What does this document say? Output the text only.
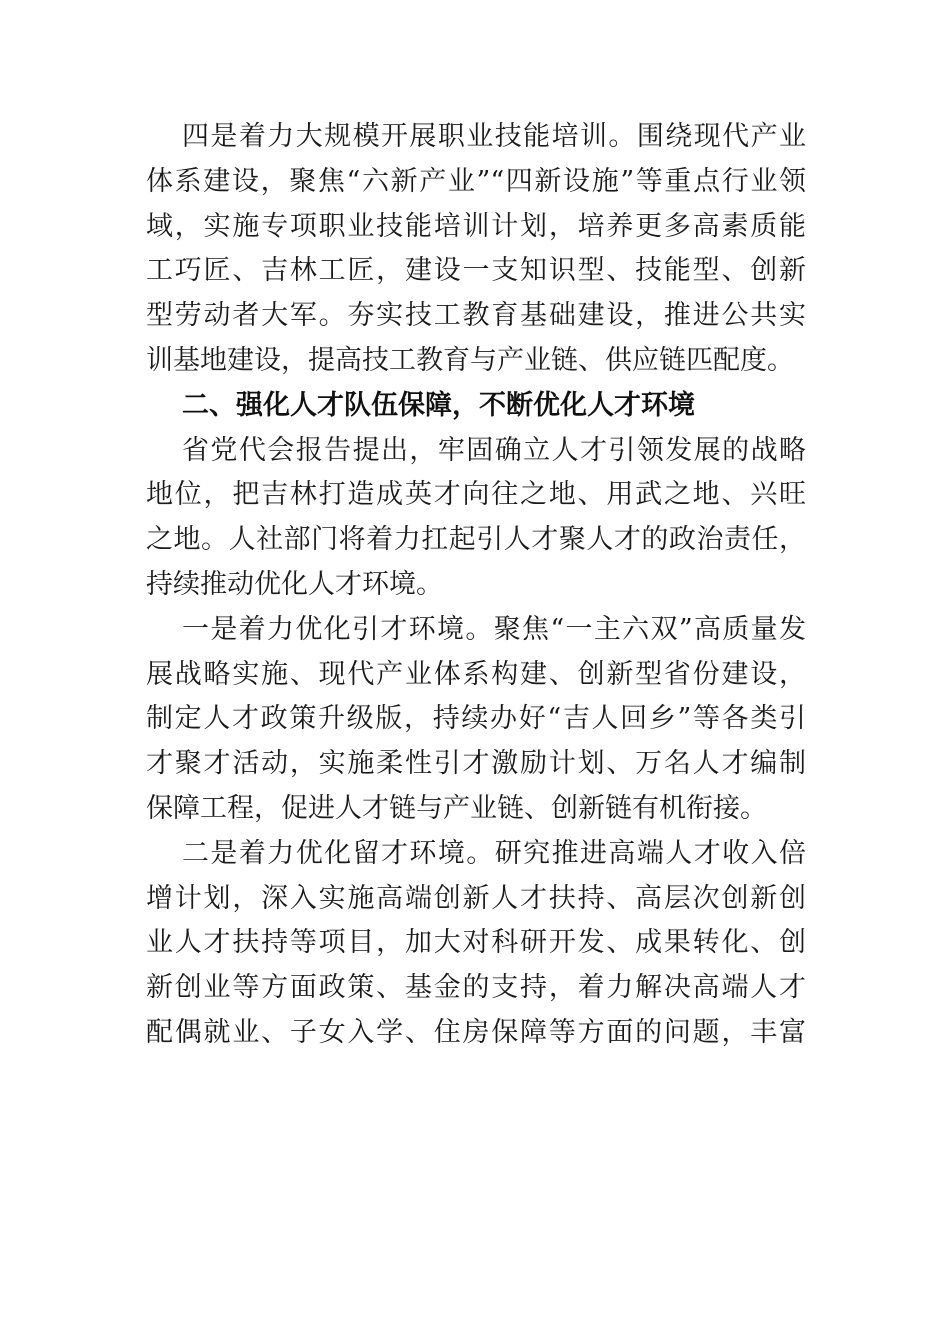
四是着力大规模开展职业技能培训。围绕现代产业
体系建设，聚焦“六新产业”“四新设施”等重点行业领
域，实施专项职业技能培训计划，培养更多高素质能
工巧匠、吉林工匠，建设一支知识型、技能型、创新
型劳动者大军。夯实技工教育基础建设，推进公共实
训基地建设，提高技工教育与产业链、供应链匹配度。
二、强化人才队伍保障，不断优化人才环境
省党代会报告提出，牢固确立人才引领发展的战略
地位，把吉林打造成英才向往之地、用武之地、兴旺
之地。人社部门将着力扛起引人才聚人才的政治责任，
持续推动优化人才环境。
一是着力优化引才环境。聚焦“一主六双”高质量发
展战略实施、现代产业体系构建、创新型省份建设，
制定人才政策升级版，持续办好“吉人回乡”等各类引
才聚才活动，实施柔性引才激励计划、万名人才编制
保障工程，促进人才链与产业链、创新链有机衔接。
二是着力优化留才环境。研究推进高端人才收入倍
增计划，深入实施高端创新人才扶持、高层次创新创
业人才扶持等项目，加大对科研开发、成果转化、创
新创业等方面政策、基金的支持，着力解决高端人才
配偶就业、子女入学、住房保障等方面的问题，丰富
